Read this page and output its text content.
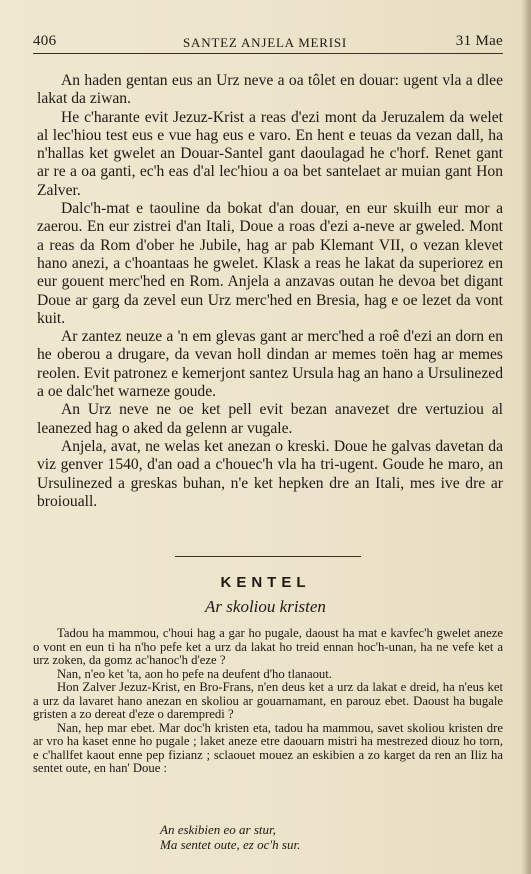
406	SANTEZ ANJELA MERISI	31 Mae

An haden gentan eus an Urz neve a oa tôlet en douar: ugent vla a dlee lakat da ziwan.

He c'harante evit Jezuz-Krist a reas d'ezi mont da Jeruzalem da welet al lec'hiou test eus e vue hag eus e varo. En hent e teuas da vezan dall, ha n'hallas ket gwelet an Douar-Santel gant daoulagad he c'horf. Renet gant ar re a oa ganti, ec'h eas d'al lec'hiou a oa bet santelaet ar muian gant Hon Zalver.

Dalc'h-mat e taouline da bokat d'an douar, en eur skuilh eur mor a zaerou. En eur zistrei d'an Itali, Doue a roas d'ezi a-neve ar gweled. Mont a reas da Rom d'ober he Jubile, hag ar pab Klemant VII, o vezan klevet hano anezi, a c'hoantaas he gwelet. Klask a reas he lakat da superiorez en eur gouent merc'hed en Rom. Anjela a anzavas outan he devoa bet digant Doue ar garg da zevel eun Urz merc'hed en Bresia, hag e oe lezet da vont kuit.

Ar zantez neuze a 'n em glevas gant ar merc'hed a roê d'ezi an dorn en he oberou a drugare, da vevan holl dindan ar memes toën hag ar memes reolen. Evit patronez e kemerjont santez Ursula hag an hano a Ursulinezed a oe dalc'het warneze goude.

An Urz neve ne oe ket pell evit bezan anavezet dre vertuziou al leanezed hag o aked da gelenn ar vugale.

Anjela, avat, ne welas ket anezan o kreski. Doue he galvas davetan da viz genver 1540, d'an oad a c'houec'h vla ha tri-ugent. Goude he maro, an Ursulinezed a greskas buhan, n'e ket hepken dre an Itali, mes ive dre ar broiouall.

KENTEL
Ar skoliou kristen

Tadou ha mammou, c'houi hag a gar ho pugale, daoust ha mat e kavfec'h gwelet aneze o vont en eun ti ha n'ho pefe ket a urz da lakat ho treid ennan hoc'h-unan, ha ne vefe ket a urz zoken, da gomz ac'hanoc'h d'eze ?

Nan, n'eo ket 'ta, aon ho pefe na deufent d'ho tlanaout.

Hon Zalver Jezuz-Krist, en Bro-Frans, n'en deus ket a urz da lakat e dreid, ha n'eus ket a urz da lavaret hano anezan en skoliou ar gouarnamant, en parouz ebet. Daoust ha bugale gristen a zo dereat d'eze o darempredi ?

Nan, hep mar ebet. Mar doc'h kristen eta, tadou ha mammou, savet skoliou kristen dre ar vro ha kaset enne ho pugale ; laket aneze etre daouarn mistri ha mestrezed diouz ho torn, e c'hallfet kaout enne pep fizianz ; sclaouet mouez an eskibien a zo karget da ren an Iliz ha sentet oute, en han' Doue :

An eskibien eo ar stur,
Ma sentet oute, ez oc'h sur.
